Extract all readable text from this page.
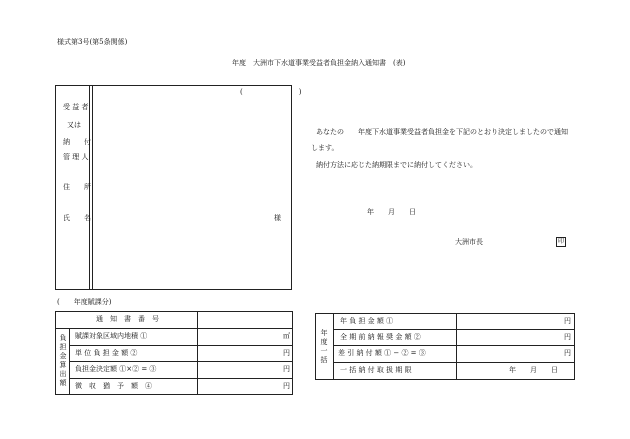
様式第3号(第5条関係)
年度　大洲市下水道事業受益者負担金納入通知書　(表)
受 益 者
又は
納　　付
管 理 人
住　　所
氏　　名
(　　　　　　　　)
様
あなたの　　年度下水道事業受益者負担金を下記のとおり決定しましたので通知
します。
納付方法に応じた納期限までに納付してください。
年　　月　　日
大洲市長	印
(　　年度賦課分)
通　知　書　番　号
負担金算出額
賦課対象区域内地積 ①	㎡
単 位 負 担 金 額 ②	円
負担金決定額 ①×② = ③	円
徴　収　猶　予　額　④	円
年度一括
年 負 担 金 額 ①	円
全 期 前 納 報 奨 金 額 ②	円
差 引 納 付 額 ① − ② = ③	円
一 括 納 付 取 扱 期 限	年　　月　　日
